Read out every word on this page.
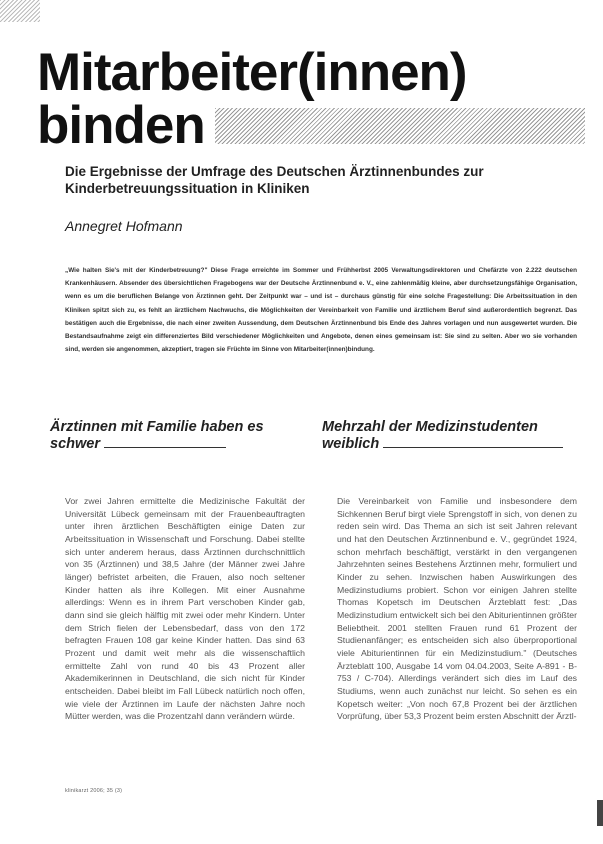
Mitarbeiter(innen)
binden
Die Ergebnisse der Umfrage des Deutschen Ärztinnenbundes zur Kinderbetreuungssituation in Kliniken

Annegret Hofmann

„Wie halten Sie's mit der Kinderbetreuung?" Diese Frage erreichte im Sommer und Frühherbst 2005 Verwaltungsdirektoren und Chefärzte von 2.222 deutschen Krankenhäusern. Absender des übersichtlichen Fragebogens war der Deutsche Ärztinnenbund e. V., eine zahlenmäßig kleine, aber durchsetzungsfähige Organisation, wenn es um die beruflichen Belange von Ärztinnen geht. Der Zeitpunkt war – und ist – durchaus günstig für eine solche Fragestellung: Die Arbeitssituation in den Kliniken spitzt sich zu, es fehlt an ärztlichem Nachwuchs, die Möglichkeiten der Vereinbarkeit von Familie und ärztlichem Beruf sind außerordentlich begrenzt. Das bestätigen auch die Ergebnisse, die nach einer zweiten Aussendung, dem Deutschen Ärztinnenbund bis Ende des Jahres vorlagen und nun ausgewertet wurden. Die Bestandsaufnahme zeigt ein differenziertes Bild verschiedener Möglichkeiten und Angebote, denen eines gemeinsam ist: Sie sind zu selten. Aber wo sie vorhanden sind, werden sie angenommen, akzeptiert, tragen sie Früchte im Sinne von Mitarbeiter(innen)bindung.

Ärztinnen mit Familie haben es schwer
Mehrzahl der Medizinstudenten weiblich

Vor zwei Jahren ermittelte die Medizinische Fakultät der Universität Lübeck gemeinsam mit der Frauenbeauftragten unter ihren ärztlichen Beschäftigten einige Daten zur Arbeitssituation in Wissenschaft und Forschung. Dabei stellte sich unter anderem heraus, dass Ärztinnen durchschnittlich von 35 (Ärztinnen) und 38,5 Jahre (der Männer zwei Jahre länger) befristet arbeiten, die Frauen, also noch seltener Kinder hatten als ihre Kollegen. Mit einer Ausnahme allerdings: Wenn es in ihrem Part verschoben Kinder gab, dann sind sie gleich hälftig mit zwei oder mehr Kindern. Unter dem Strich fielen der Lebensbedarf, dass von den 172 befragten Frauen 108 gar keine Kinder hatten. Das sind 63 Prozent und damit weit mehr als die wissenschaftlich ermittelte Zahl von rund 40 bis 43 Prozent aller Akademikerinnen in Deutschland, die sich nicht für Kinder entscheiden. Dabei bleibt im Fall Lübeck natürlich noch offen, wie viele der Ärztinnen im Laufe der nächsten Jahre noch Mütter werden, was die Prozentzahl dann verändern würde.

Die Vereinbarkeit von Familie und insbesondere dem Sichkennen Beruf birgt viele Sprengstoff in sich, von denen zu reden sein wird. Das Thema an sich ist seit Jahren relevant und hat den Deutschen Ärztinnenbund e. V., gegründet 1924, schon mehrfach beschäftigt, verstärkt in den vergangenen Jahrzehnten seines Bestehens Ärztinnen mehr, formuliert und Kinder zu sehen. Inzwischen haben Auswirkungen des Medizinstudiums probiert. Schon vor einigen Jahren stellte Thomas Kopetsch im Deutschen Ärzteblatt fest: „Das Medizinstudium entwickelt sich bei den Abiturientinnen größter Beliebtheit. 2001 stellten Frauen rund 61 Prozent der Studienanfänger; es entscheiden sich also überproportional viele Abiturientinnen für ein Medizinstudium." (Deutsches Ärzteblatt 100, Ausgabe 14 vom 04.04.2003, Seite A-891 - B-753 / C-704). Allerdings verändert sich dies im Lauf des Studiums, wenn auch zunächst nur leicht. So sehen es ein Kopetsch weiter: „Von noch 67,8 Prozent bei der ärztlichen Vorprüfung, über 53,3 Prozent beim ersten Abschnitt der Ärztl-

klinikarzt 2006; 35 (3)
